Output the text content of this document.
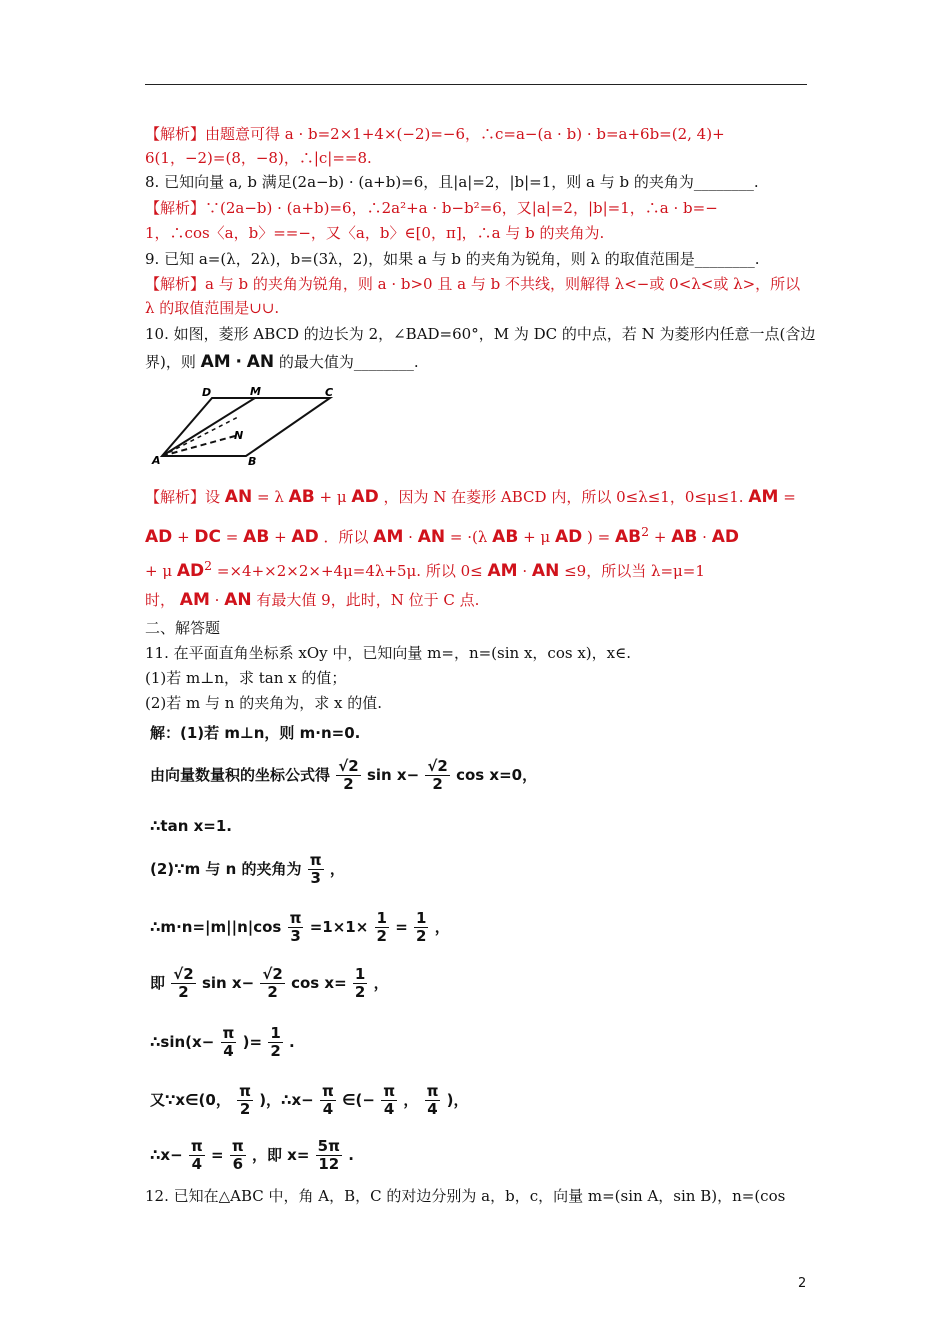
【解析】由题意可得 a · b=2×1+4×(−2)=−6，∴c=a−(a · b) · b=a+6b=(2, 4)+
6(1，−2)=(8，−8)，∴|c|==8.
8. 已知向量 a, b 满足(2a−b) · (a+b)=6，且|a|=2，|b|=1，则 a 与 b 的夹角为________.
【解析】∵(2a−b) · (a+b)=6，∴2a²+a · b−b²=6，又|a|=2，|b|=1，∴a · b=−
1，∴cos〈a，b〉==−，又〈a，b〉∈[0，π]，∴a 与 b 的夹角为.
9. 已知 a=(λ，2λ)，b=(3λ，2)，如果 a 与 b 的夹角为锐角，则 λ 的取值范围是________.
【解析】a 与 b 的夹角为锐角，则 a · b>0 且 a 与 b 不共线，则解得 λ<−或 0<λ<或 λ>，所以
λ 的取值范围是∪∪.
10. 如图，菱形 ABCD 的边长为 2，∠BAD=60°，M 为 DC 的中点，若 N 为菱形内任意一点(含边
界)，则 AM · AN 的最大值为________.
A	B
C
D	M
N
【解析】设 AN = λ AB + μ AD ，因为 N 在菱形 ABCD 内，所以 0≤λ≤1，0≤μ≤1. AM =
AD + DC = AB + AD ．所以 AM · AN = ·(λ AB + μ AD ) = $AB^2$ + AB · AD
+ μ $AD^2 =\times 4+\times 2\times 2\times+4\mu=4\lambda+5\mu$. 所以 0≤ AM · AN ≤9，所以当 λ=μ=1
时， AM · AN 有最大值 9，此时，N 位于 C 点.
二、解答题
11. 在平面直角坐标系 xOy 中，已知向量 m=，n=(sin x，cos x)，x∈.
(1)若 m⊥n，求 tan x 的值；
(2)若 m 与 n 的夹角为，求 x 的值.
解：(1)若 m⊥n，则 m·n=0.
由向量数量积的坐标公式得 $\frac{√2}{2}$ $\sin x- \frac{√2}{2}$ cos x=0，
∴tan x=1.
(2)∵m 与 n 的夹角为 $\frac{\pi}{3}$ ，
∴m·n=|m||n|cos $\frac{\pi}{3} =1\times 1\times \frac{1}{2} = \frac{1}{2}$ ，
即 $\frac{√2}{2}$ $\sin x- \frac{√2}{2}$ $\cos x= \frac{1}{2}$ ，
∴sin(x− $\frac{\pi}{4}$ )= $\frac{1}{2}$ .
又∵x∈(0， $\frac{\pi}{2}$ )，∴x− $\frac{\pi}{4}$ ∈(− $\frac{\pi}{4}$ ， $\frac{\pi}{4}$ )，
∴x− $\frac{\pi}{4} = \frac{\pi}{6}$ ，即 $x= \frac{5\pi}{12}$ .
12. 已知在△ABC 中，角 A，B，C 的对边分别为 a，b，c，向量 m=(sin A，sin B)，n=(cos
2
